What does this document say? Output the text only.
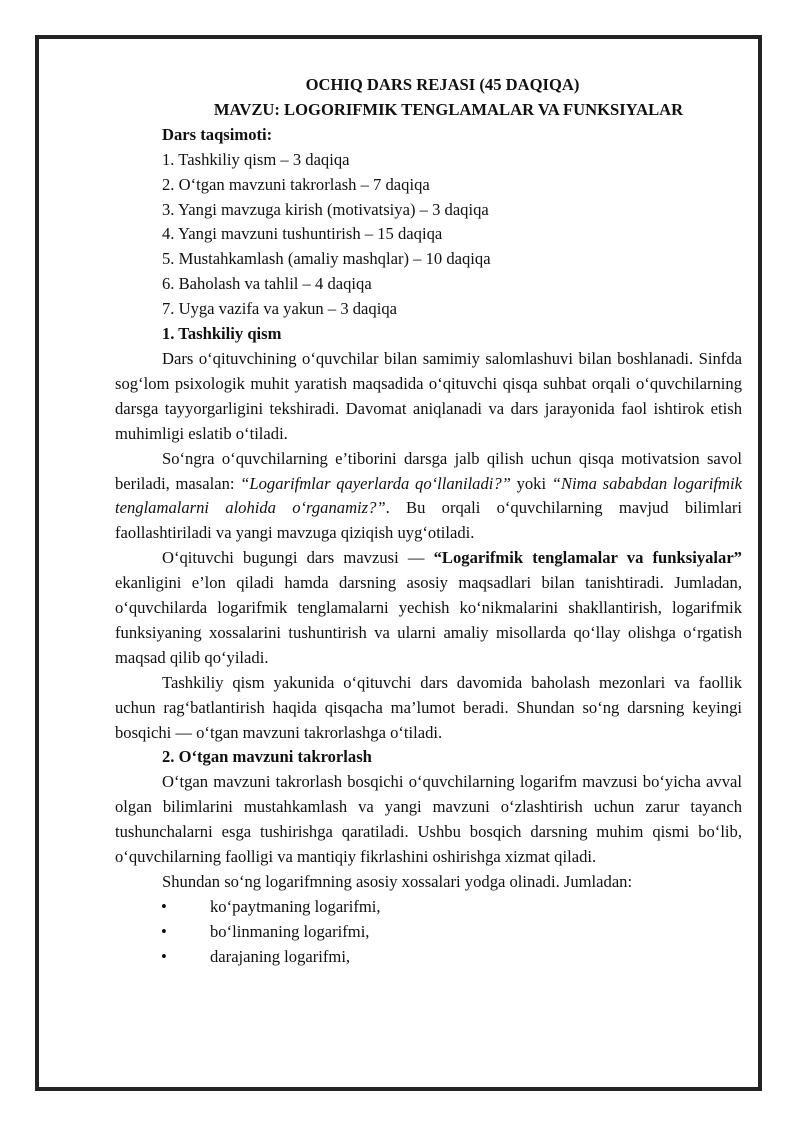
OCHIQ DARS REJASI (45 DAQIQA)

MAVZU: LOGORIFMIK TENGLAMALAR VA FUNKSIYALAR

Dars taqsimoti:

1. Tashkiliy qism – 3 daqiqa

2. O‘tgan mavzuni takrorlash – 7 daqiqa

3. Yangi mavzuga kirish (motivatsiya) – 3 daqiqa

4. Yangi mavzuni tushuntirish – 15 daqiqa

5. Mustahkamlash (amaliy mashqlar) – 10 daqiqa

6. Baholash va tahlil – 4 daqiqa

7. Uyga vazifa va yakun – 3 daqiqa

1. Tashkiliy qism

Dars o‘qituvchining o‘quvchilar bilan samimiy salomlashuvi bilan boshlanadi. Sinfda sog‘lom psixologik muhit yaratish maqsadida o‘qituvchi qisqa suhbat orqali o‘quvchilarning darsga tayyorgarligini tekshiradi. Davomat aniqlanadi va dars jarayonida faol ishtirok etish muhimligi eslatib o‘tiladi.

So‘ngra o‘quvchilarning e’tiborini darsga jalb qilish uchun qisqa motivatsion savol beriladi, masalan: “Logarifmlar qayerlarda qo‘llaniladi?” yoki “Nima sababdan logarifmik tenglamalarni alohida o‘rganamiz?”. Bu orqali o‘quvchilarning mavjud bilimlari faollashtiriladi va yangi mavzuga qiziqish uyg‘otiladi.

O‘qituvchi bugungi dars mavzusi — “Logarifmik tenglamalar va funksiyalar” ekanligini e’lon qiladi hamda darsning asosiy maqsadlari bilan tanishtiradi. Jumladan, o‘quvchilarda logarifmik tenglamalarni yechish ko‘nikmalarini shakllantirish, logarifmik funksiyaning xossalarini tushuntirish va ularni amaliy misollarda qo‘llay olishga o‘rgatish maqsad qilib qo‘yiladi.

Tashkiliy qism yakunida o‘qituvchi dars davomida baholash mezonlari va faollik uchun rag‘batlantirish haqida qisqacha ma’lumot beradi. Shundan so‘ng darsning keyingi bosqichi — o‘tgan mavzuni takrorlashga o‘tiladi.

2. O‘tgan mavzuni takrorlash

O‘tgan mavzuni takrorlash bosqichi o‘quvchilarning logarifm mavzusi bo‘yicha avval olgan bilimlarini mustahkamlash va yangi mavzuni o‘zlashtirish uchun zarur tayanch tushunchalarni esga tushirishga qaratiladi. Ushbu bosqich darsning muhim qismi bo‘lib, o‘quvchilarning faolligi va mantiqiy fikrlashini oshirishga xizmat qiladi.

Shundan so‘ng logarifmning asosiy xossalari yodga olinadi. Jumladan:

•	ko‘paytmaning logarifmi,

•	bo‘linmaning logarifmi,

•	darajaning logarifmi,
